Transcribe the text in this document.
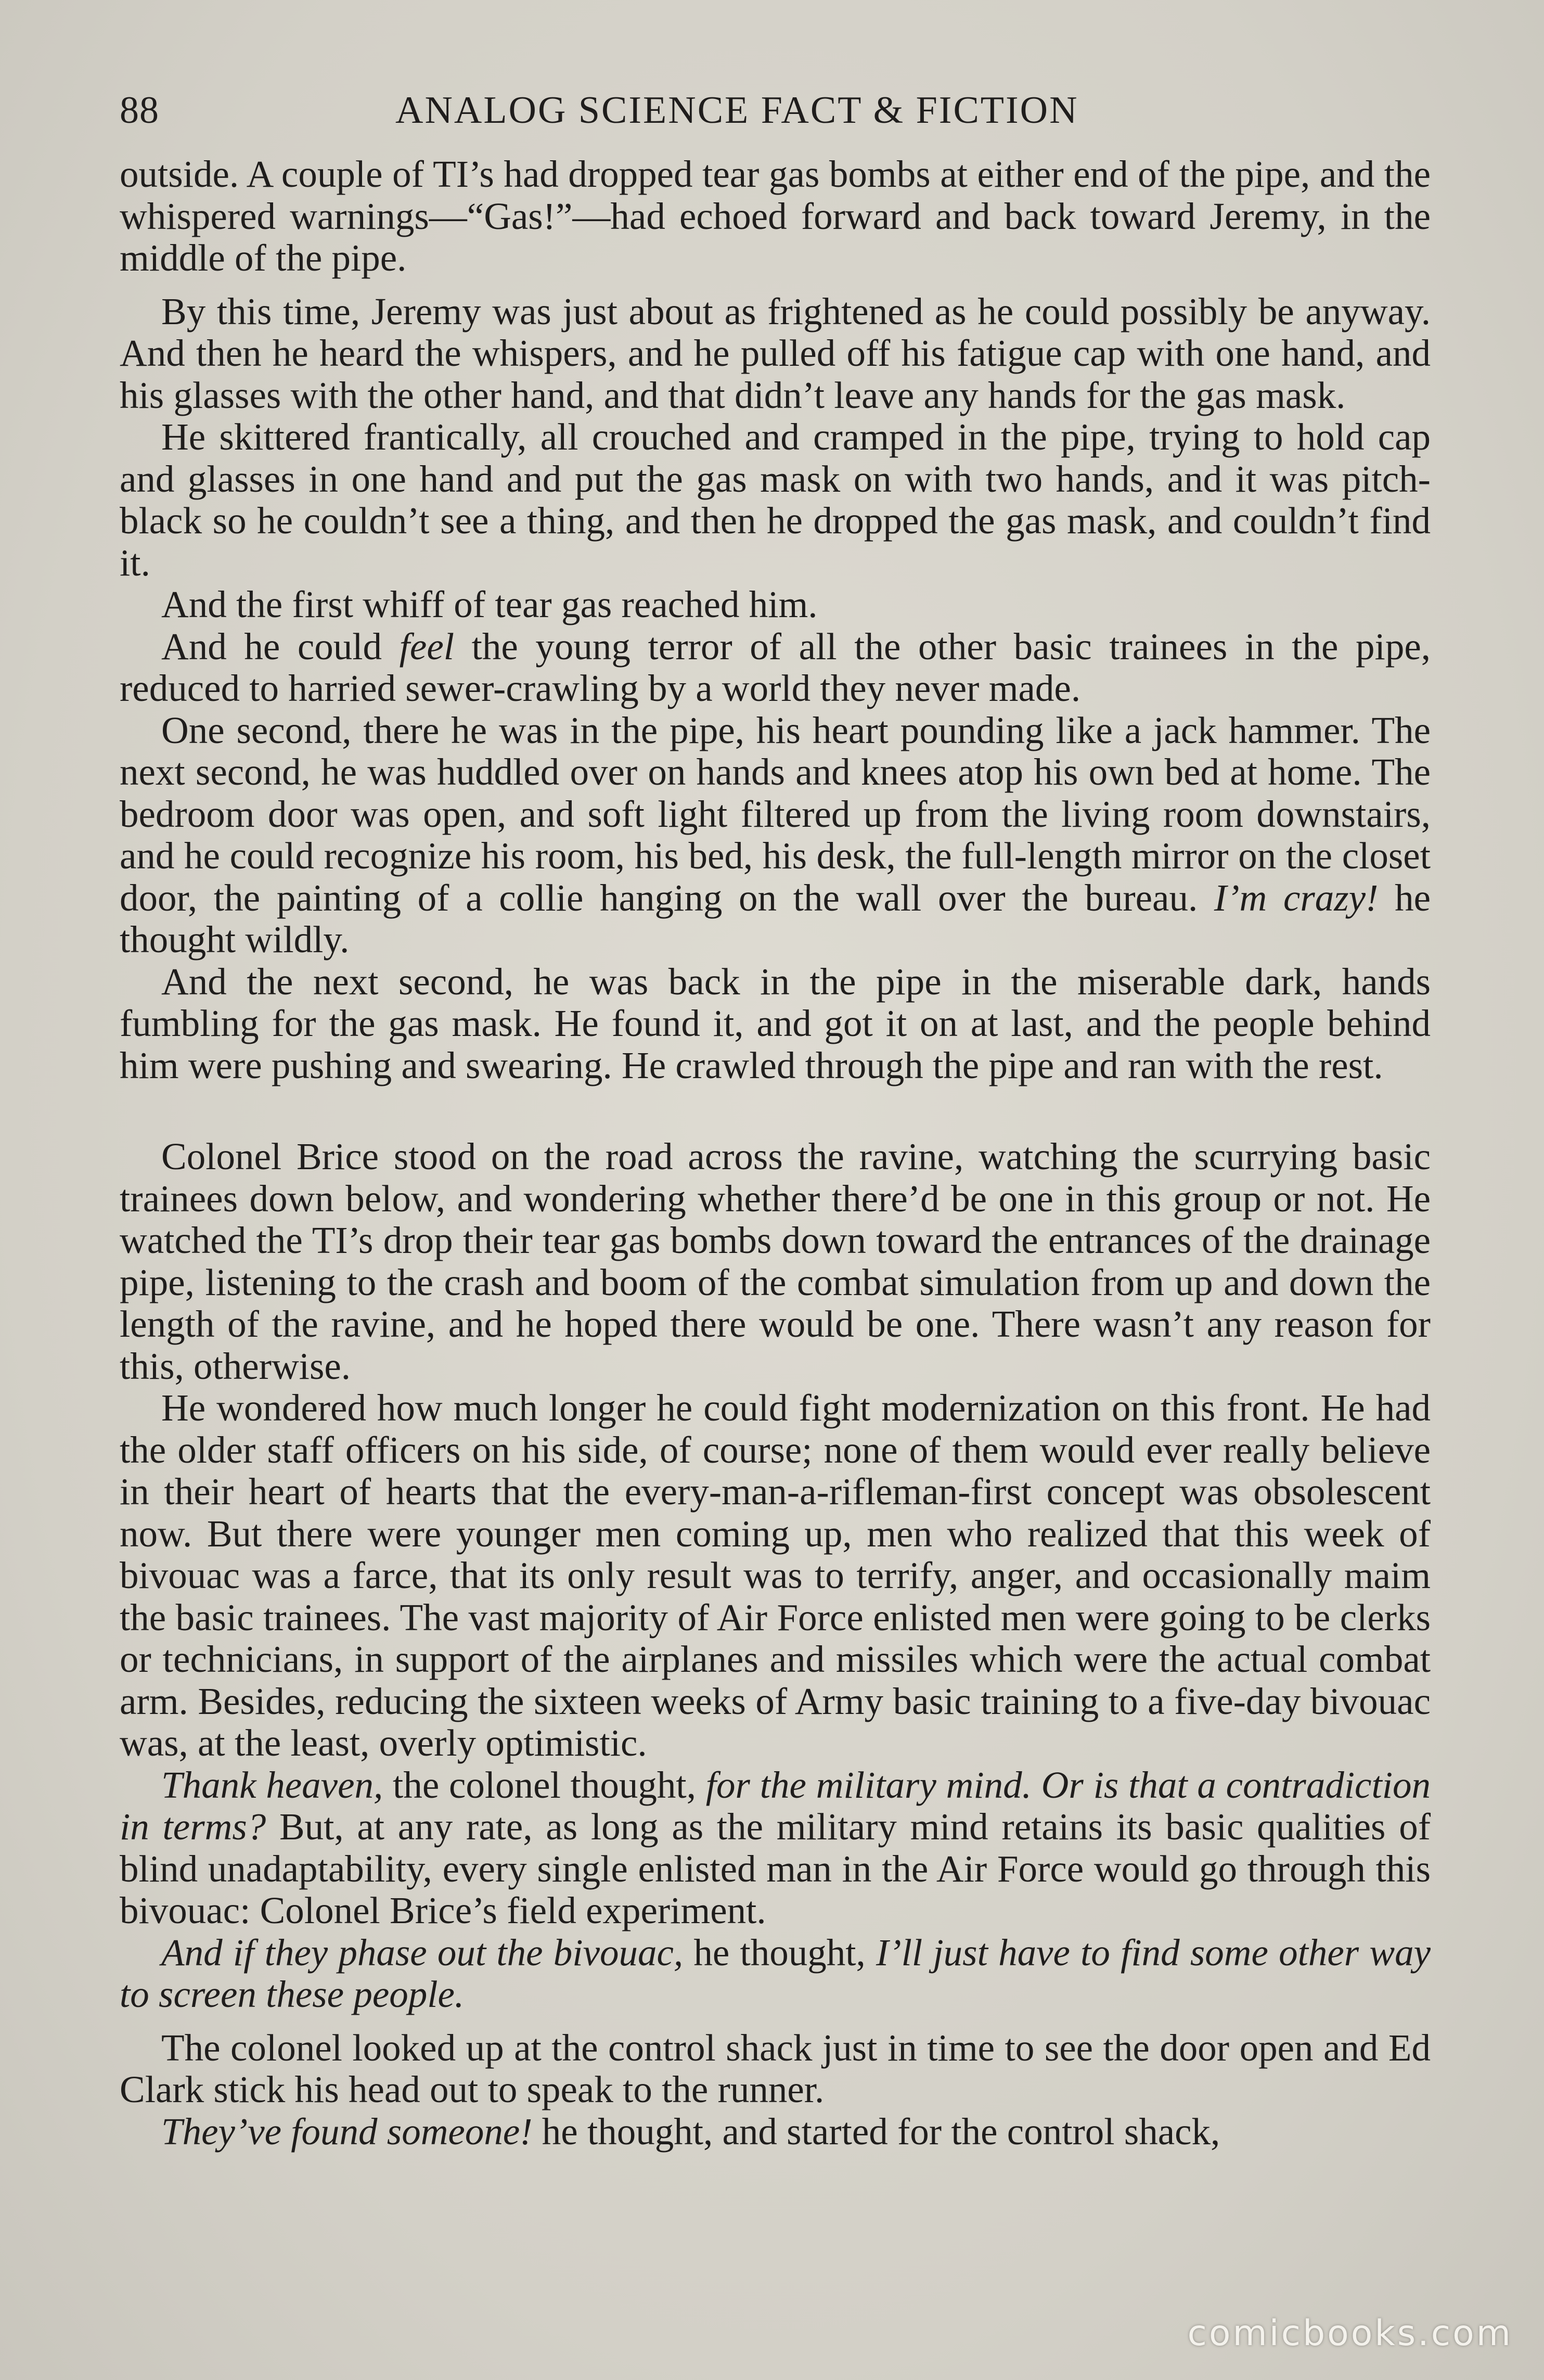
88	ANALOG SCIENCE FACT & FICTION

outside. A couple of TI’s had dropped tear gas bombs at either end of the pipe, and the whispered warnings—“Gas!”—had echoed forward and back toward Jeremy, in the middle of the pipe.

By this time, Jeremy was just about as frightened as he could possibly be anyway. And then he heard the whispers, and he pulled off his fatigue cap with one hand, and his glasses with the other hand, and that didn’t leave any hands for the gas mask.

He skittered frantically, all crouched and cramped in the pipe, trying to hold cap and glasses in one hand and put the gas mask on with two hands, and it was pitch-black so he couldn’t see a thing, and then he dropped the gas mask, and couldn’t find it.

And the first whiff of tear gas reached him.

And he could feel the young terror of all the other basic trainees in the pipe, reduced to harried sewer-crawling by a world they never made.

One second, there he was in the pipe, his heart pounding like a jack hammer. The next second, he was huddled over on hands and knees atop his own bed at home. The bedroom door was open, and soft light filtered up from the living room downstairs, and he could recognize his room, his bed, his desk, the full-length mirror on the closet door, the painting of a collie hanging on the wall over the bureau. I’m crazy! he thought wildly.

And the next second, he was back in the pipe in the miserable dark, hands fumbling for the gas mask. He found it, and got it on at last, and the people behind him were pushing and swearing. He crawled through the pipe and ran with the rest.

Colonel Brice stood on the road across the ravine, watching the scurrying basic trainees down below, and wondering whether there’d be one in this group or not. He watched the TI’s drop their tear gas bombs down toward the entrances of the drainage pipe, listening to the crash and boom of the combat simulation from up and down the length of the ravine, and he hoped there would be one. There wasn’t any reason for this, otherwise.

He wondered how much longer he could fight modernization on this front. He had the older staff officers on his side, of course; none of them would ever really believe in their heart of hearts that the every-man-a-rifleman-first concept was obsolescent now. But there were younger men coming up, men who realized that this week of bivouac was a farce, that its only result was to terrify, anger, and occasionally maim the basic trainees. The vast majority of Air Force enlisted men were going to be clerks or technicians, in support of the airplanes and missiles which were the actual combat arm. Besides, reducing the sixteen weeks of Army basic training to a five-day bivouac was, at the least, overly optimistic.

Thank heaven, the colonel thought, for the military mind. Or is that a contradiction in terms? But, at any rate, as long as the military mind retains its basic qualities of blind unadaptability, every single enlisted man in the Air Force would go through this bivouac: Colonel Brice’s field experiment.

And if they phase out the bivouac, he thought, I’ll just have to find some other way to screen these people.

The colonel looked up at the control shack just in time to see the door open and Ed Clark stick his head out to speak to the runner.

They’ve found someone! he thought, and started for the control shack,

comicbooks.com
